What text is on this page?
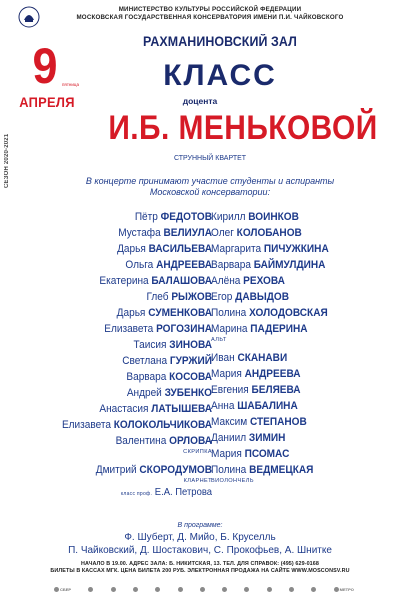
СЕЗОН 2020-2021
МИНИСТЕРСТВО КУЛЬТУРЫ РОССИЙСКОЙ ФЕДЕРАЦИИ
МОСКОВСКАЯ ГОСУДАРСТВЕННАЯ КОНСЕРВАТОРИЯ ИМЕНИ П.И. ЧАЙКОВСКОГО
РАХМАНИНОВСКИЙ ЗАЛ
9 пятница
АПРЕЛЯ
КЛАСС
доцента
И.Б. МЕНЬКОВОЙ
СТРУННЫЙ КВАРТЕТ
В концерте принимают участие студенты и аспиранты
Московской консерватории:
Пётр ФЕДОТОВ
Мустафа ВЕЛИУЛА
Дарья ВАСИЛЬЕВА
Ольга АНДРЕЕВА
Екатерина БАЛАШОВА
Глеб РЫЖОВ
Дарья СУМЕНКОВА
Елизавета РОГОЗИНА
Таисия ЗИНОВА
Светлана ГУРЖИЙ
Варвара КОСОВА
Андрей ЗУБЕНКО
Анастасия ЛАТЫШЕВА
Елизавета КОЛОКОЛЬЧИКОВА
Валентина ОРЛОВА
СКРИПКА
Дмитрий СКОРОДУМОВ
КЛАРНЕТ
класс проф. Е.А. Петрова
Кирилл ВОИНКОВ
Олег КОЛОБАНОВ
Маргарита ПИЧУЖКИНА
Варвара БАЙМУЛДИНА
Алёна РЕХОВА
Егор ДАВЫДОВ
Полина ХОЛОДОВСКАЯ
Марина ПАДЕРИНА
АЛЬТ
Иван СКАНАВИ
Мария АНДРЕЕВА
Евгения БЕЛЯЕВА
Анна ШАБАЛИНА
Максим СТЕПАНОВ
Даниил ЗИМИН
Мария ПСОМАС
Полина ВЕДМЕЦКАЯ
ВИОЛОНЧЕЛЬ
В программе:
Ф. Шуберт, Д. Мийо, Б. Круселль
П. Чайковский, Д. Шостакович, С. Прокофьев, А. Шнитке
НАЧАЛО В 19.00. АДРЕС ЗАЛА: Б. НИКИТСКАЯ, 13. ТЕЛ. ДЛЯ СПРАВОК: (495) 629-0168
БИЛЕТЫ В КАССАХ МГК. ЦЕНА БИЛЕТА 200 РУБ. ЭЛЕКТРОННАЯ ПРОДАЖА НА САЙТЕ WWW.MOSCONSV.RU
СБЕР	МЕТРО
